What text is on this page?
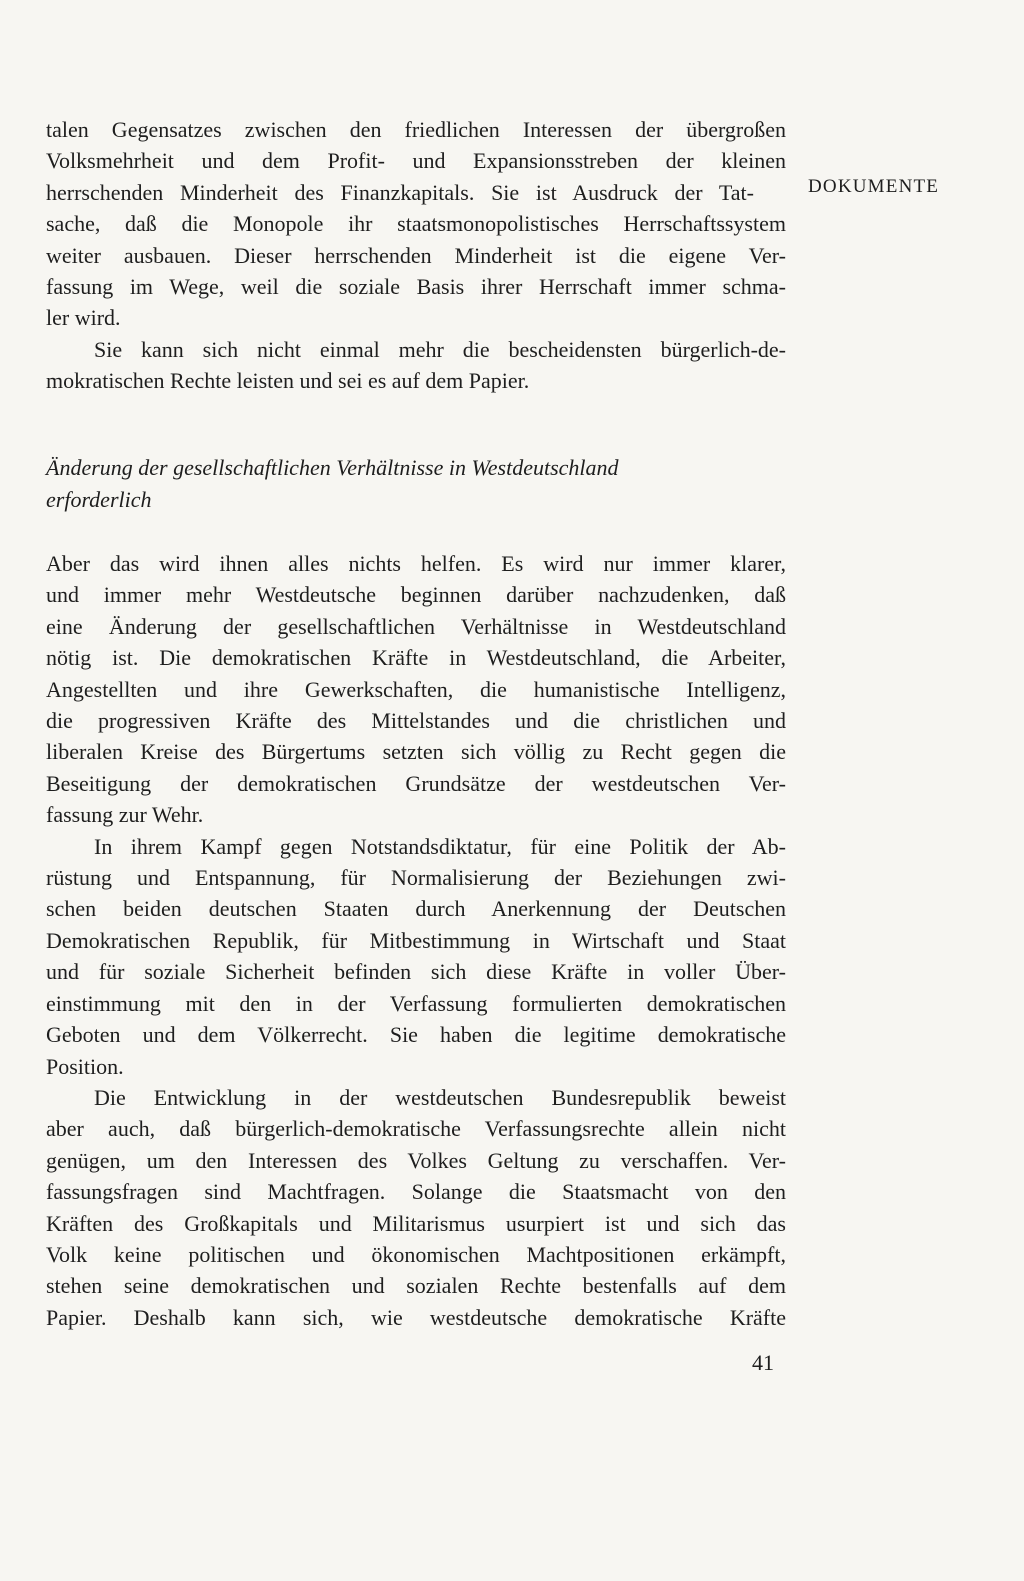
DOKUMENTE
talen Gegensatzes zwischen den friedlichen Interessen der übergroßen
Volksmehrheit und dem Profit- und Expansionsstreben der kleinen
herrschenden Minderheit des Finanzkapitals. Sie ist Ausdruck der Tat-
sache, daß die Monopole ihr staatsmonopolistisches Herrschaftssystem
weiter ausbauen. Dieser herrschenden Minderheit ist die eigene Ver-
fassung im Wege, weil die soziale Basis ihrer Herrschaft immer schma-
ler wird.
Sie kann sich nicht einmal mehr die bescheidensten bürgerlich-de-
mokratischen Rechte leisten und sei es auf dem Papier.
Änderung der gesellschaftlichen Verhältnisse in Westdeutschland
erforderlich
Aber das wird ihnen alles nichts helfen. Es wird nur immer klarer,
und immer mehr Westdeutsche beginnen darüber nachzudenken, daß
eine Änderung der gesellschaftlichen Verhältnisse in Westdeutschland
nötig ist. Die demokratischen Kräfte in Westdeutschland, die Arbeiter,
Angestellten und ihre Gewerkschaften, die humanistische Intelligenz,
die progressiven Kräfte des Mittelstandes und die christlichen und
liberalen Kreise des Bürgertums setzten sich völlig zu Recht gegen die
Beseitigung der demokratischen Grundsätze der westdeutschen Ver-
fassung zur Wehr.
In ihrem Kampf gegen Notstandsdiktatur, für eine Politik der Ab-
rüstung und Entspannung, für Normalisierung der Beziehungen zwi-
schen beiden deutschen Staaten durch Anerkennung der Deutschen
Demokratischen Republik, für Mitbestimmung in Wirtschaft und Staat
und für soziale Sicherheit befinden sich diese Kräfte in voller Über-
einstimmung mit den in der Verfassung formulierten demokratischen
Geboten und dem Völkerrecht. Sie haben die legitime demokratische
Position.
Die Entwicklung in der westdeutschen Bundesrepublik beweist
aber auch, daß bürgerlich-demokratische Verfassungsrechte allein nicht
genügen, um den Interessen des Volkes Geltung zu verschaffen. Ver-
fassungsfragen sind Machtfragen. Solange die Staatsmacht von den
Kräften des Großkapitals und Militarismus usurpiert ist und sich das
Volk keine politischen und ökonomischen Machtpositionen erkämpft,
stehen seine demokratischen und sozialen Rechte bestenfalls auf dem
Papier. Deshalb kann sich, wie westdeutsche demokratische Kräfte
41
